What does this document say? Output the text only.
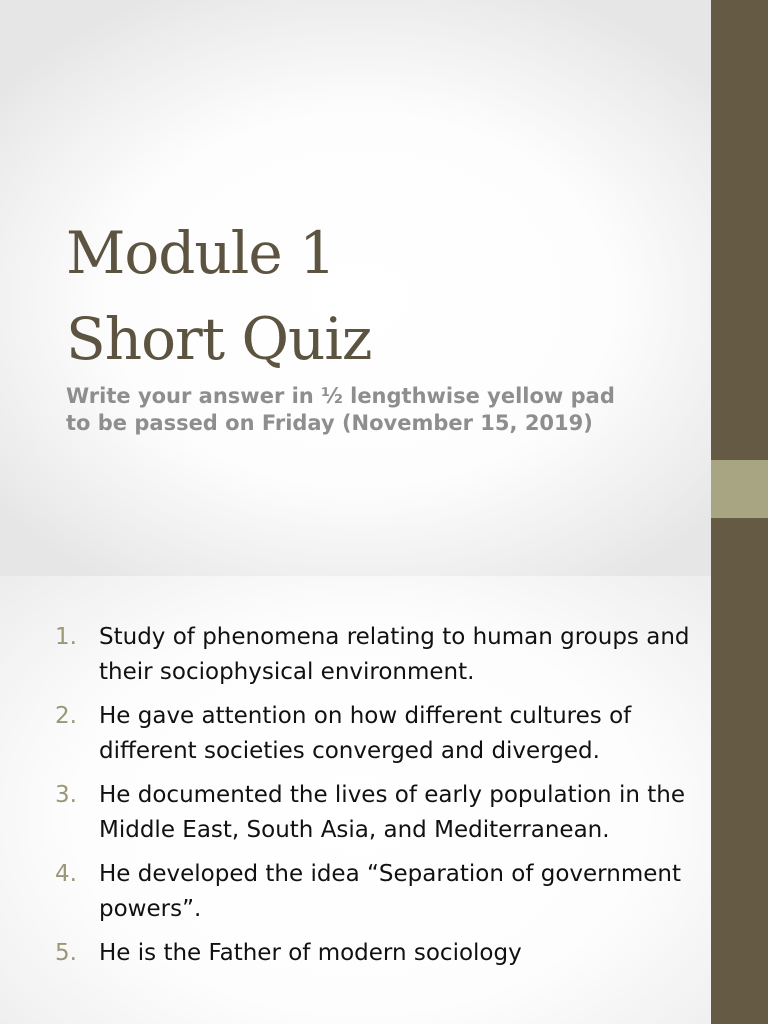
Module 1
Short Quiz

Write your answer in ½ lengthwise yellow pad to be passed on Friday (November 15, 2019)

1. Study of phenomena relating to human groups and their sociophysical environment.
2. He gave attention on how different cultures of different societies converged and diverged.
3. He documented the lives of early population in the Middle East, South Asia, and Mediterranean.
4. He developed the idea “Separation of government powers”.
5. He is the Father of modern sociology
